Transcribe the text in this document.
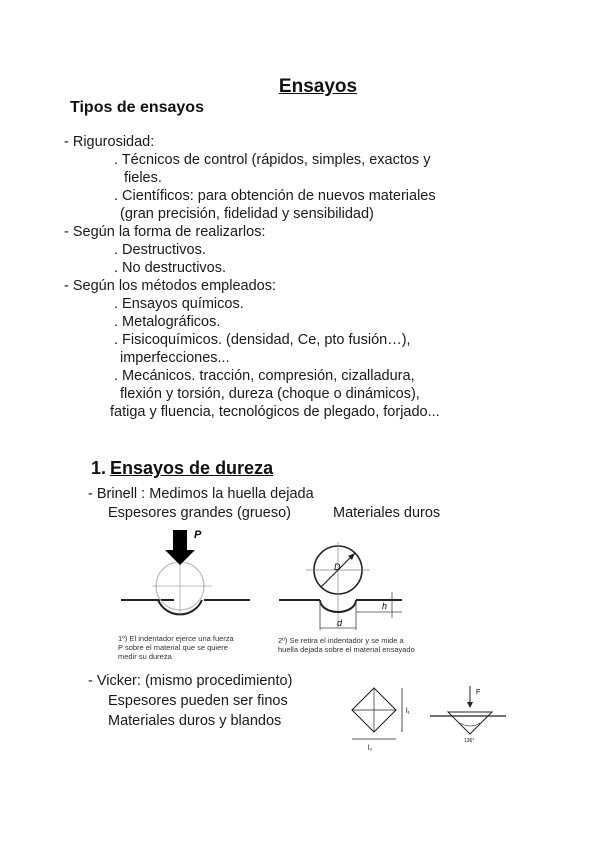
Ensayos
Tipos de ensayos
- Rigurosidad:
. Técnicos de control (rápidos, simples, exactos y
fieles.
. Científicos: para obtención de nuevos materiales
(gran precisión, fidelidad y sensibilidad)
- Según la forma de realizarlos:
. Destructivos.
. No destructivos.
- Según los métodos empleados:
. Ensayos químicos.
. Metalográficos.
. Fisicoquímicos. (densidad, Ce, pto fusión…),
imperfecciones...
. Mecánicos. tracción, compresión, cizalladura,
flexión y torsión, dureza (choque o dinámicos),
fatiga y fluencia, tecnológicos de plegado, forjado...
1. Ensayos de dureza
- Brinell : Medimos la huella dejada
Espesores grandes (grueso)	Materiales duros
P
1º) El indentador ejerce una fuerza
P sobre el material que se quiere
medir su dureza
D
h
d
2º) Se retira el indentador y se mide a
huella dejada sobre el material ensayado
- Vicker: (mismo procedimiento)
Espesores pueden ser finos
Materiales duros y blandos
l₁
l₂
F
136°
